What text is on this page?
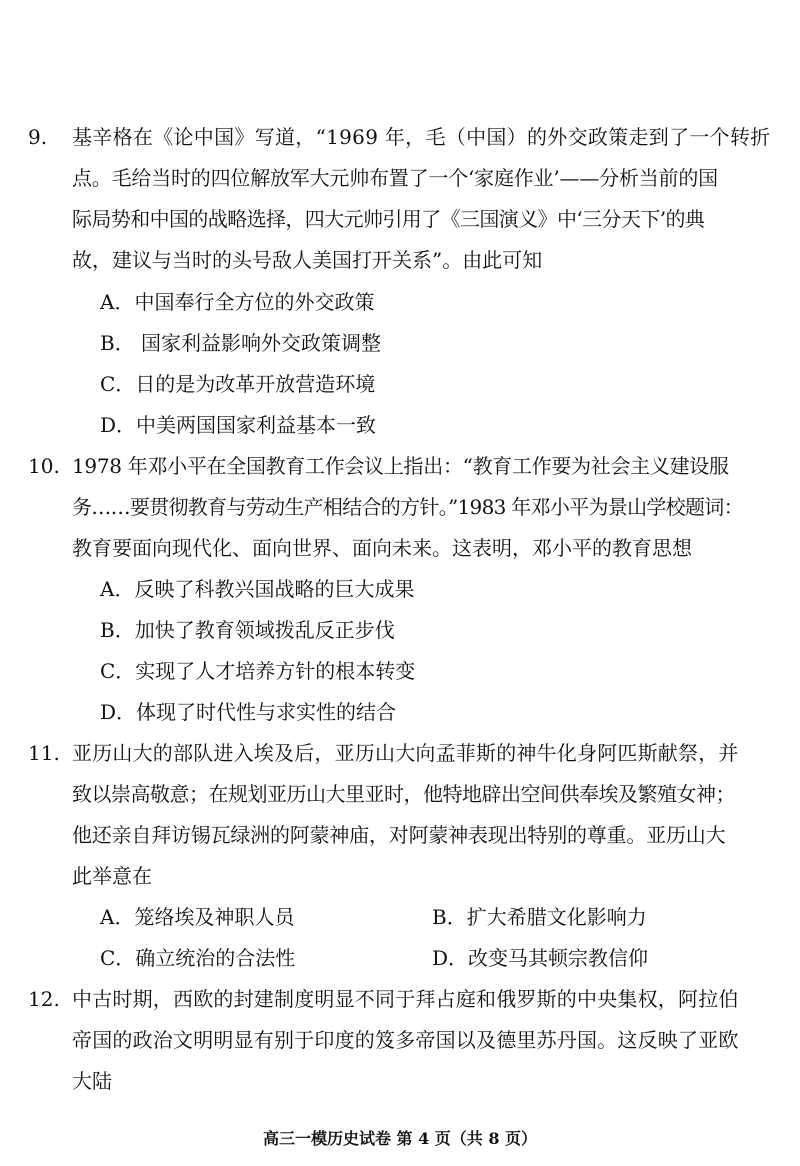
9. 基辛格在《论中国》写道，“1969 年，毛（中国）的外交政策走到了一个转折
点。毛给当时的四位解放军大元帅布置了一个‘家庭作业’——分析当前的国
际局势和中国的战略选择，四大元帅引用了《三国演义》中‘三分天下’的典
故，建议与当时的头号敌人美国打开关系”。由此可知
A．中国奉行全方位的外交政策
B． 国家利益影响外交政策调整
C．日的是为改革开放营造环境
D．中美两国国家利益基本一致
10. 1978 年邓小平在全国教育工作会议上指出：“教育工作要为社会主义建设服
务……要贯彻教育与劳动生产相结合的方针。”1983 年邓小平为景山学校题词：
教育要面向现代化、面向世界、面向未来。这表明，邓小平的教育思想
A．反映了科教兴国战略的巨大成果
B．加快了教育领域拨乱反正步伐
C．实现了人才培养方针的根本转变
D．体现了时代性与求实性的结合
11. 亚历山大的部队进入埃及后，亚历山大向孟菲斯的神牛化身阿匹斯献祭，并
致以崇高敬意；在规划亚历山大里亚时，他特地辟出空间供奉埃及繁殖女神；
他还亲自拜访锡瓦绿洲的阿蒙神庙，对阿蒙神表现出特别的尊重。亚历山大
此举意在
A．笼络埃及神职人员	B．扩大希腊文化影响力
C．确立统治的合法性	D．改变马其顿宗教信仰
12. 中古时期，西欧的封建制度明显不同于拜占庭和俄罗斯的中央集权，阿拉伯
帝国的政治文明明显有别于印度的笈多帝国以及德里苏丹国。这反映了亚欧
大陆
高三一模历史试卷 第 4 页（共 8 页）
